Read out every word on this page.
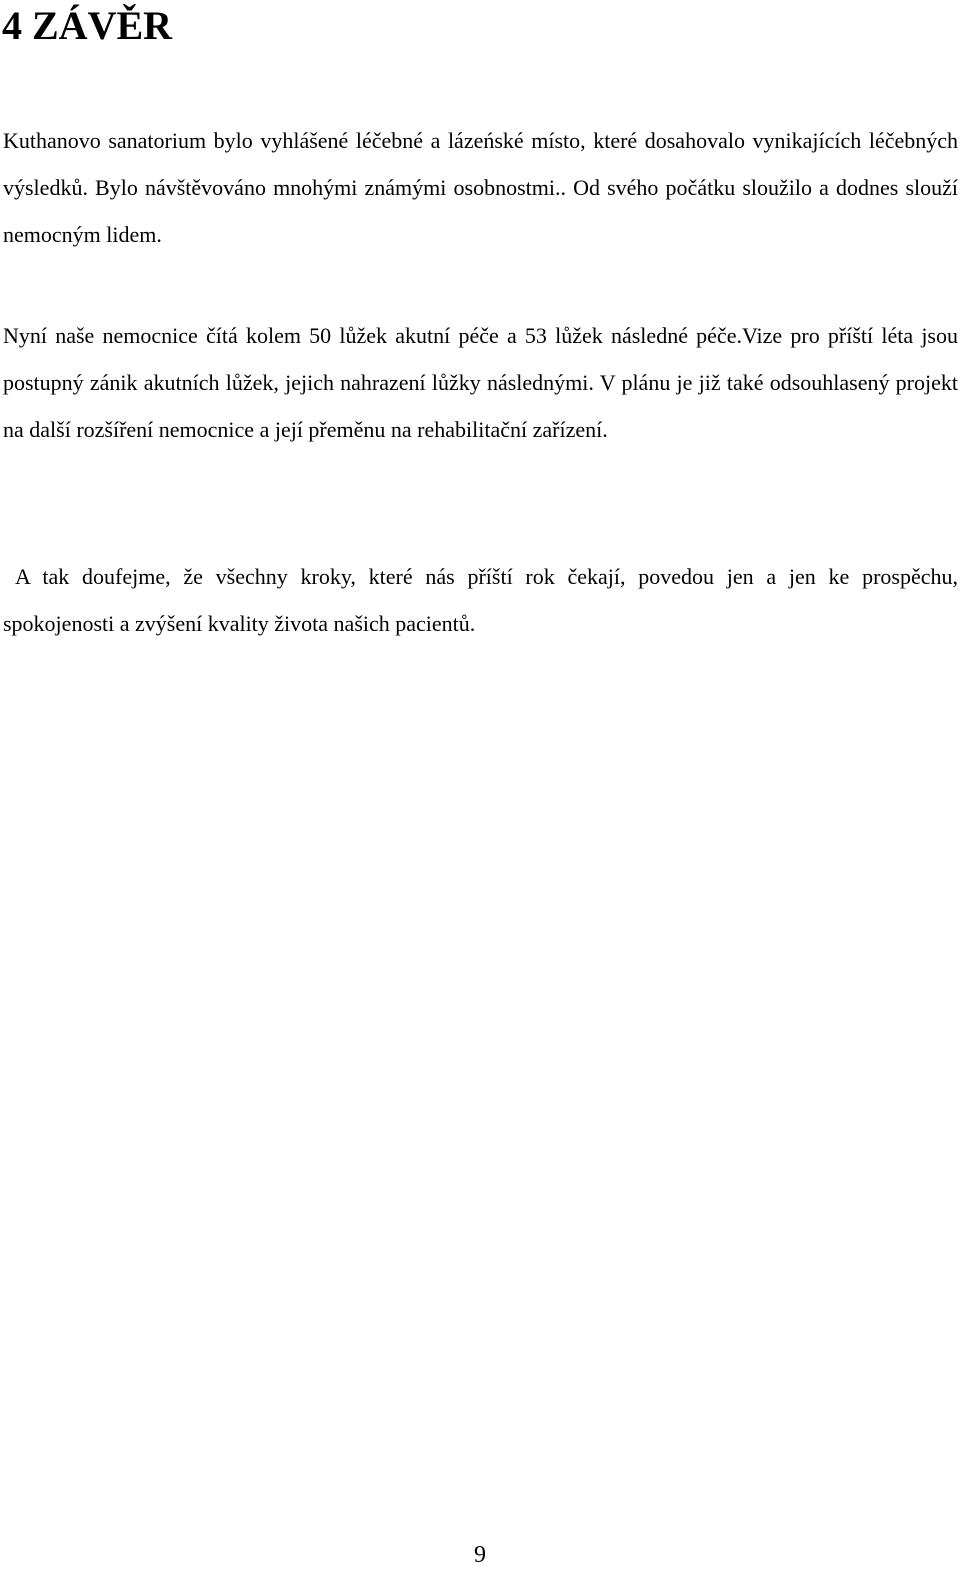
4 ZÁVĚR

Kuthanovo sanatorium bylo vyhlášené léčebné a lázeńské místo, které dosahovalo vynikajících léčebných výsledků. Bylo návštěvováno mnohými známými osobnostmi.. Od svého počátku sloužilo a dodnes slouží nemocným lidem.

Nyní naše nemocnice čítá kolem 50 lůžek akutní péče a 53 lůžek následné péče.Vize pro příští léta jsou postupný zánik akutních lůžek, jejich nahrazení lůžky následnými. V plánu je již také odsouhlasený projekt na další rozšíření nemocnice a její přeměnu na rehabilitační zařízení.

A tak doufejme, že všechny kroky, které nás příští rok čekají, povedou jen a jen ke prospěchu, spokojenosti a zvýšení kvality života našich pacientů.

9
